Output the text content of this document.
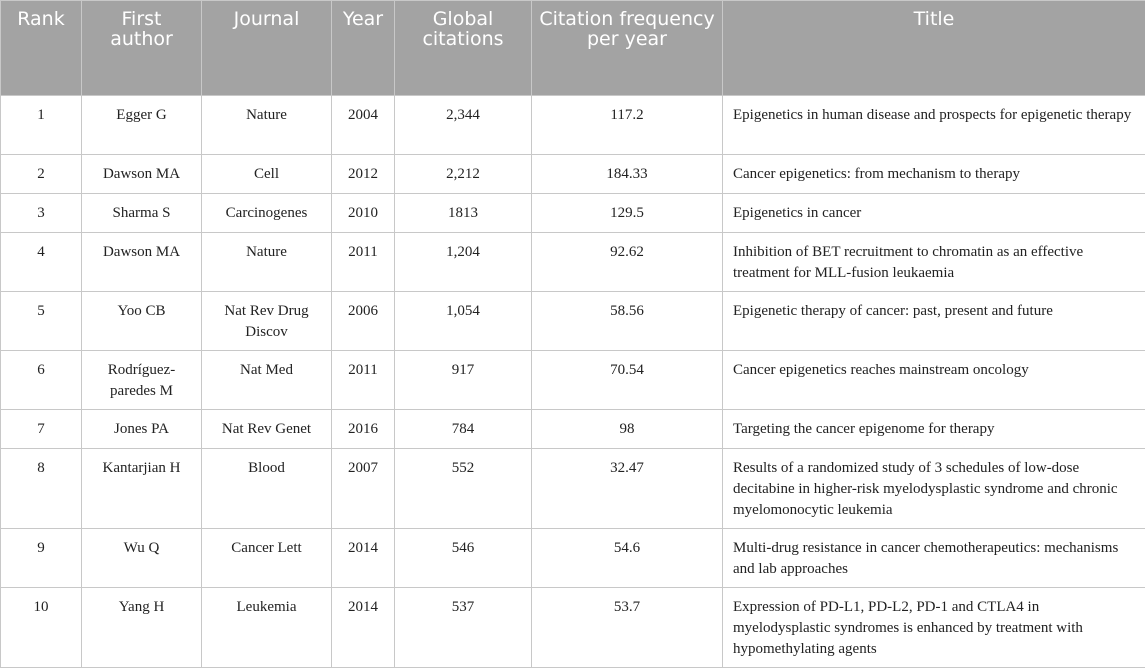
Rank	First author	Journal	Year	Global citations	Citation frequency per year	Title
1	Egger G	Nature	2004	2,344	117.2	Epigenetics in human disease and prospects for epigenetic therapy
2	Dawson MA	Cell	2012	2,212	184.33	Cancer epigenetics: from mechanism to therapy
3	Sharma S	Carcinogenes	2010	1813	129.5	Epigenetics in cancer
4	Dawson MA	Nature	2011	1,204	92.62	Inhibition of BET recruitment to chromatin as an effective treatment for MLL-fusion leukaemia
5	Yoo CB	Nat Rev Drug Discov	2006	1,054	58.56	Epigenetic therapy of cancer: past, present and future
6	Rodríguez-paredes M	Nat Med	2011	917	70.54	Cancer epigenetics reaches mainstream oncology
7	Jones PA	Nat Rev Genet	2016	784	98	Targeting the cancer epigenome for therapy
8	Kantarjian H	Blood	2007	552	32.47	Results of a randomized study of 3 schedules of low-dose decitabine in higher-risk myelodysplastic syndrome and chronic myelomonocytic leukemia
9	Wu Q	Cancer Lett	2014	546	54.6	Multi-drug resistance in cancer chemotherapeutics: mechanisms and lab approaches
10	Yang H	Leukemia	2014	537	53.7	Expression of PD-L1, PD-L2, PD-1 and CTLA4 in myelodysplastic syndromes is enhanced by treatment with hypomethylating agents
